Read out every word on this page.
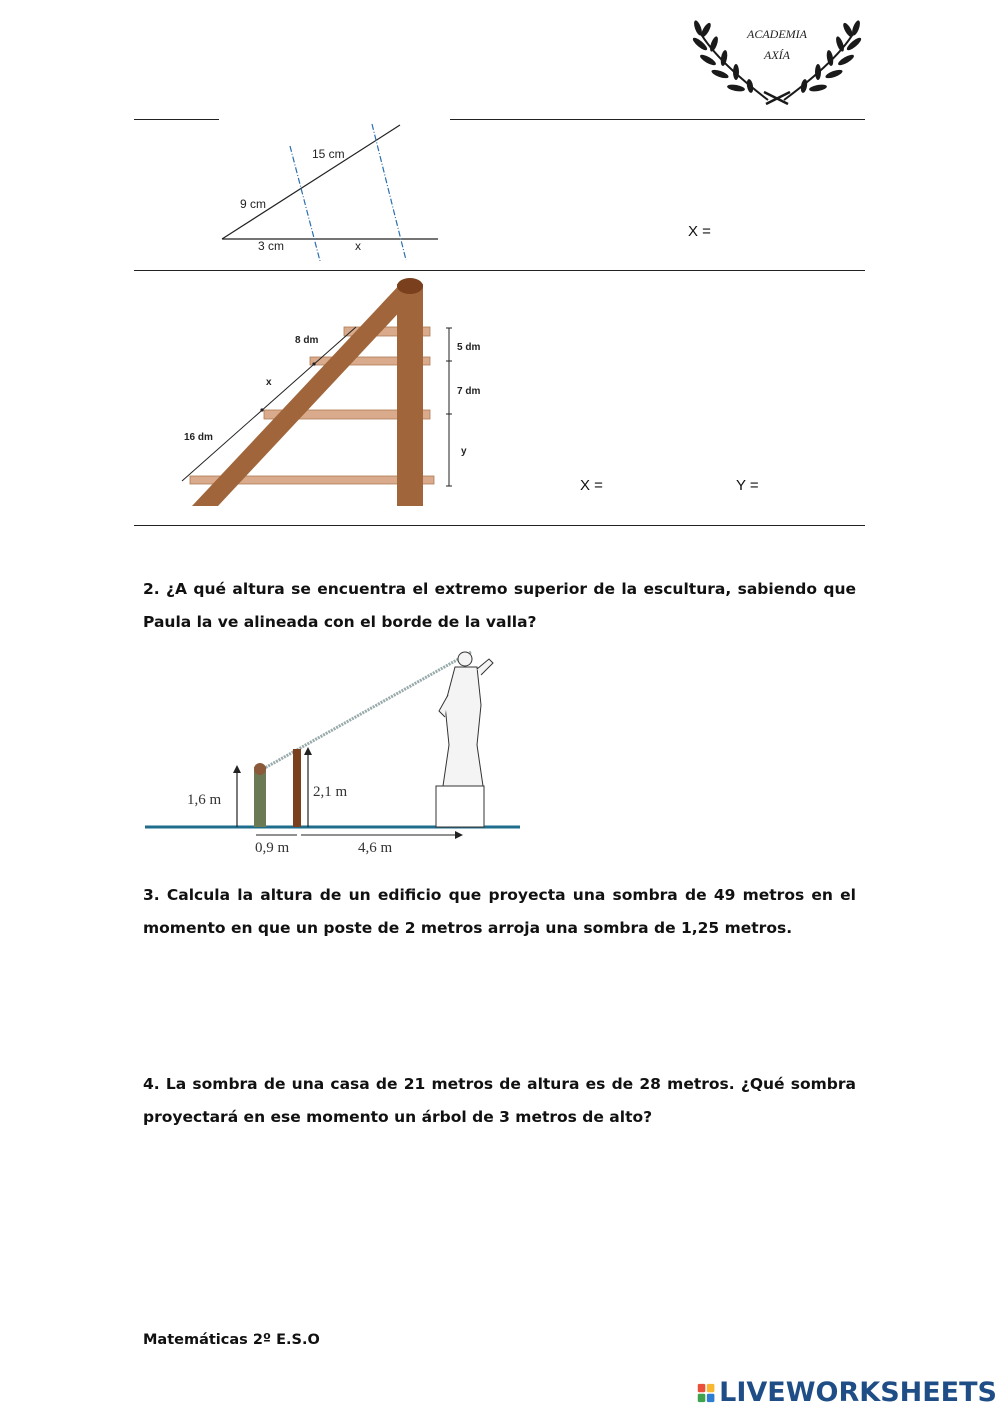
ACADEMIA
AXÍA
15 cm
9 cm
3 cm	x
X =
8 dm
x
16 dm
5 dm
7 dm
y
X =	Y =
2. ¿A qué altura se encuentra el extremo superior de la escultura, sabiendo que Paula la ve alineada con el borde de la valla?
1,6 m	2,1 m
0,9 m	4,6 m
3. Calcula la altura de un edificio que proyecta una sombra de 49 metros en el momento en que un poste de 2 metros arroja una sombra de 1,25 metros.
4. La sombra de una casa de 21 metros de altura es de 28 metros. ¿Qué sombra proyectará en ese momento un árbol de 3 metros de alto?
Matemáticas 2º E.S.O
LIVEWORKSHEETS
